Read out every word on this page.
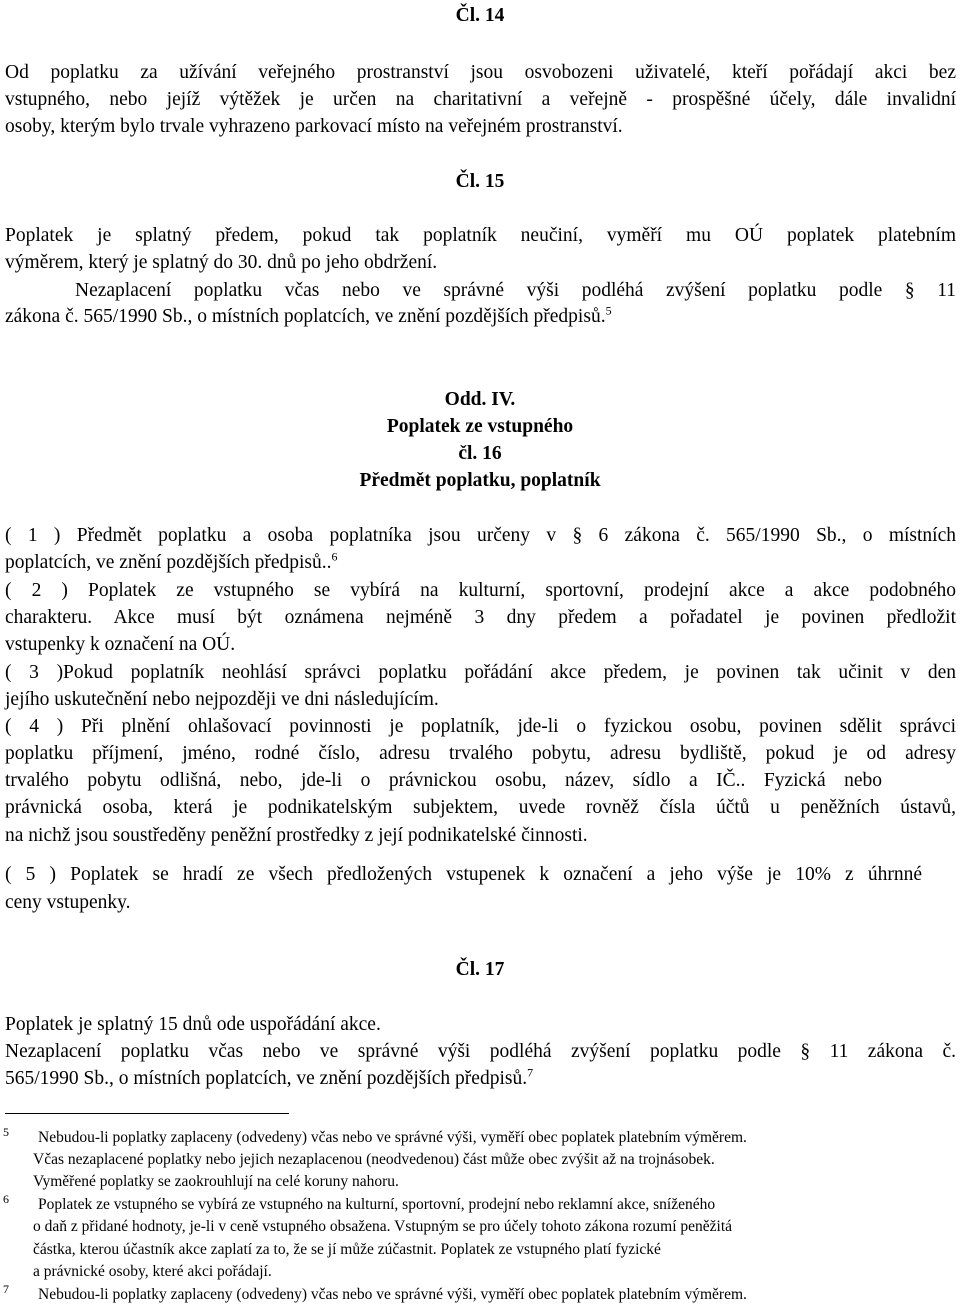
Čl. 14
Od poplatku za užívání veřejného prostranství jsou osvobozeni uživatelé, kteří pořádají akci bez
vstupného, nebo jejíž výtěžek je určen na charitativní a veřejně - prospěšné účely, dále invalidní
osoby, kterým bylo trvale vyhrazeno parkovací místo na veřejném prostranství.
Čl. 15
Poplatek je splatný předem, pokud tak poplatník neučiní, vyměří mu OÚ poplatek platebním
výměrem, který je splatný do 30. dnů po jeho obdržení.
Nezaplacení poplatku včas nebo ve správné výši podléhá zvýšení poplatku podle § 11
zákona č. 565/1990 Sb., o místních poplatcích, ve znění pozdějších předpisů.$^5$
Odd. IV.
Poplatek ze vstupného
čl. 16
Předmět poplatku, poplatník
( 1 ) Předmět poplatku a osoba poplatníka jsou určeny v § 6 zákona č. 565/1990 Sb., o místních
poplatcích, ve znění pozdějších předpisů..$^6$
( 2 ) Poplatek ze vstupného se vybírá na kulturní, sportovní, prodejní akce a akce podobného
charakteru. Akce musí být oznámena nejméně 3 dny předem a pořadatel je povinen předložit
vstupenky k označení na OÚ.
( 3 )Pokud poplatník neohlásí správci poplatku pořádání akce předem, je povinen tak učinit v den
jejího uskutečnění nebo nejpozději ve dni následujícím.
( 4 ) Při plnění ohlašovací povinnosti je poplatník, jde-li o fyzickou osobu, povinen sdělit správci
poplatku příjmení, jméno, rodné číslo, adresu trvalého pobytu, adresu bydliště, pokud je od adresy
trvalého pobytu odlišná, nebo, jde-li o právnickou osobu, název, sídlo a IČ.. Fyzická nebo
právnická osoba, která je podnikatelským subjektem, uvede rovněž čísla účtů u peněžních ústavů,
na nichž jsou soustředěny peněžní prostředky z její podnikatelské činnosti.
( 5 ) Poplatek se hradí ze všech předložených vstupenek k označení a jeho výše je 10% z úhrnné
ceny vstupenky.
Čl. 17
Poplatek je splatný 15 dnů ode uspořádání akce.
Nezaplacení poplatku včas nebo ve správné výši podléhá zvýšení poplatku podle § 11 zákona č.
565/1990 Sb., o místních poplatcích, ve znění pozdějších předpisů.$^7$
5 Nebudou-li poplatky zaplaceny (odvedeny) včas nebo ve správné výši, vyměří obec poplatek platebním výměrem.
Včas nezaplacené poplatky nebo jejich nezaplacenou (neodvedenou) část může obec zvýšit až na trojnásobek.
Vyměřené poplatky se zaokrouhlují na celé koruny nahoru.
6 Poplatek ze vstupného se vybírá ze vstupného na kulturní, sportovní, prodejní nebo reklamní akce, sníženého
o daň z přidané hodnoty, je-li v ceně vstupného obsažena. Vstupným se pro účely tohoto zákona rozumí peněžitá
částka, kterou účastník akce zaplatí za to, že se jí může zúčastnit. Poplatek ze vstupného platí fyzické
a právnické osoby, které akci pořádají.
7 Nebudou-li poplatky zaplaceny (odvedeny) včas nebo ve správné výši, vyměří obec poplatek platebním výměrem.
